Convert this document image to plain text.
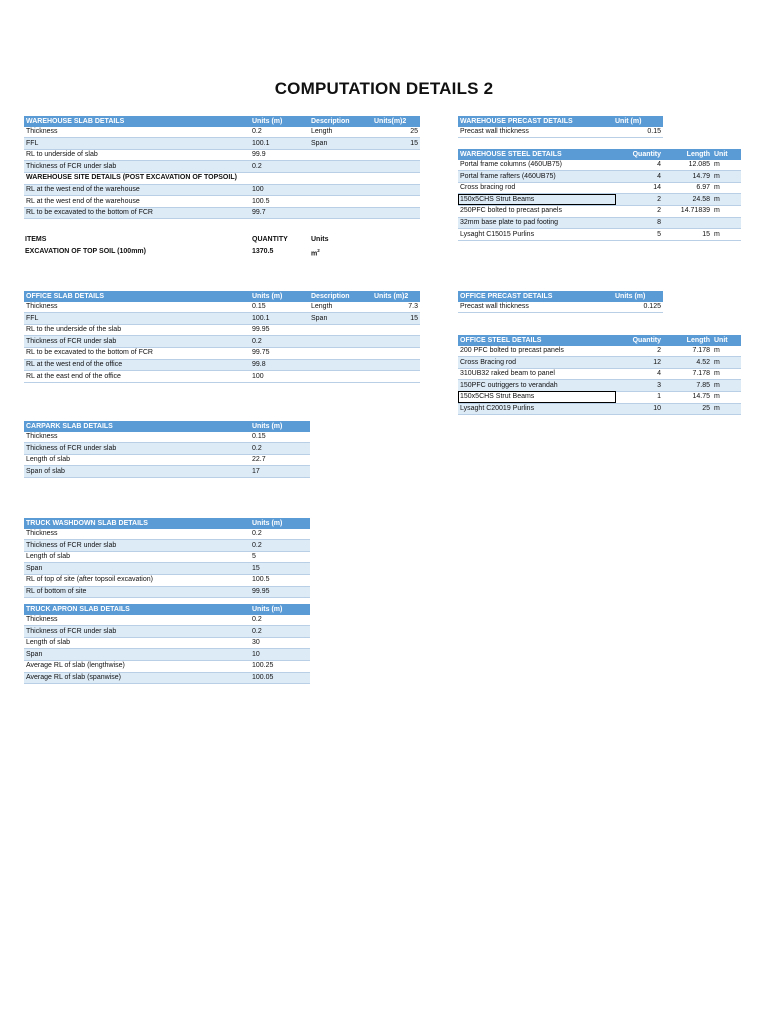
COMPUTATION DETAILS 2
WAREHOUSE SLAB DETAILS	Units (m)	Description	Units(m)2
Thickness	0.2	Length	25
FFL	100.1	Span	15
RL to underside of slab	99.9		
Thickness of FCR under slab	0.2		
WAREHOUSE SITE DETAILS (POST EXCAVATION OF TOPSOIL)			
RL at the west end of the warehouse	100		
RL at the west end of the warehouse	100.5		
RL to be excavated to the bottom of FCR	99.7		
ITEMS	QUANTITY	Units
EXCAVATION OF TOP SOIL (100mm)	1370.5	$m^2$
WAREHOUSE PRECAST DETAILS	Unit (m)
Precast wall thickness	0.15
WAREHOUSE STEEL DETAILS	Quantity	Length	Unit
Portal frame columns (460UB75)	4	12.085	m
Portal frame rafters (460UB75)	4	14.79	m
Cross bracing rod	14	6.97	m
150x5CHS Strut Beams	2	24.58	m
250PFC bolted to precast panels	2	14.71839	m
32mm base plate to pad footing	8		
Lysaght C15015 Purlins	5	15	m
OFFICE SLAB DETAILS	Units (m)	Description	Units (m)2
Thickness	0.15	Length	7.3
FFL	100.1	Span	15
RL to the underside of the slab	99.95		
Thickness of FCR under slab	0.2		
RL to be excavated to the bottom of FCR	99.75		
RL at the west end of the office	99.8		
RL at the east end of the office	100		
OFFICE PRECAST DETAILS	Units (m)
Precast wall thickness	0.125
OFFICE STEEL DETAILS	Quantity	Length	Unit
200 PFC bolted to precast panels	2	7.178	m
Cross Bracing rod	12	4.52	m
310UB32 raked beam to panel	4	7.178	m
150PFC outriggers to verandah	3	7.85	m
150x5CHS Strut Beams	1	14.75	m
Lysaght C20019 Purlins	10	25	m
CARPARK SLAB DETAILS	Units (m)
Thickness	0.15
Thickness of FCR under slab	0.2
Length of slab	22.7
Span of slab	17
TRUCK WASHDOWN SLAB DETAILS	Units (m)
Thickness	0.2
Thickness of FCR under slab	0.2
Length of slab	5
Span	15
RL of top of site (after topsoil excavation)	100.5
RL of bottom of site	99.95
TRUCK APRON SLAB DETAILS	Units (m)
Thickness	0.2
Thickness of FCR under slab	0.2
Length of slab	30
Span	10
Average RL of slab (lengthwise)	100.25
Average RL of slab (spanwise)	100.05
